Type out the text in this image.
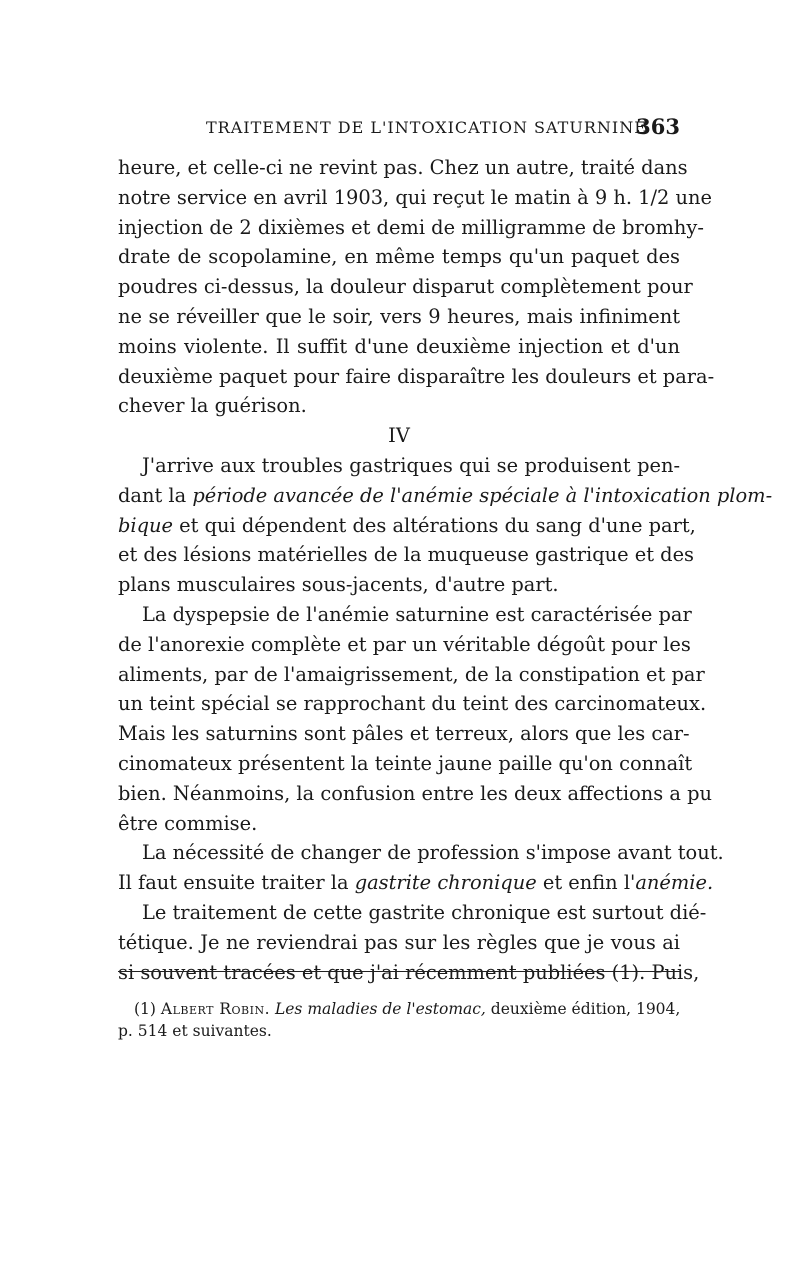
TRAITEMENT DE L'INTOXICATION SATURNINE
363
heure, et celle-ci ne revint pas. Chez un autre, traité dans
notre service en avril 1903, qui reçut le matin à 9 h. 1/2 une
injection de 2 dixièmes et demi de milligramme de bromhy-
drate de scopolamine, en même temps qu'un paquet des
poudres ci-dessus, la douleur disparut complètement pour
ne se réveiller que le soir, vers 9 heures, mais infiniment
moins violente. Il suffit d'une deuxième injection et d'un
deuxième paquet pour faire disparaître les douleurs et para-
chever la guérison.
IV
J'arrive aux troubles gastriques qui se produisent pen-
dant la période avancée de l'anémie spéciale à l'intoxication plom-
bique et qui dépendent des altérations du sang d'une part,
et des lésions matérielles de la muqueuse gastrique et des
plans musculaires sous-jacents, d'autre part.
La dyspepsie de l'anémie saturnine est caractérisée par
de l'anorexie complète et par un véritable dégoût pour les
aliments, par de l'amaigrissement, de la constipation et par
un teint spécial se rapprochant du teint des carcinomateux.
Mais les saturnins sont pâles et terreux, alors que les car-
cinomateux présentent la teinte jaune paille qu'on connaît
bien. Néanmoins, la confusion entre les deux affections a pu
être commise.
La nécessité de changer de profession s'impose avant tout.
Il faut ensuite traiter la gastrite chronique et enfin l'anémie.
Le traitement de cette gastrite chronique est surtout dié-
tétique. Je ne reviendrai pas sur les règles que je vous ai
si souvent tracées et que j'ai récemment publiées (1). Puis,
(1) Albert Robin. Les maladies de l'estomac, deuxième édition, 1904,
p. 514 et suivantes.
